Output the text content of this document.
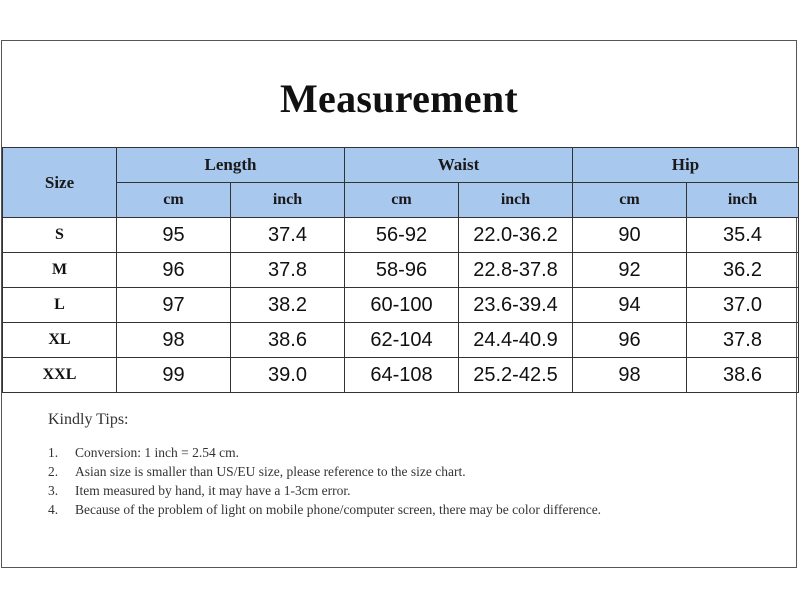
Measurement
Size	Length		Waist		Hip	
	cm	inch	cm	inch	cm	inch
S	95	37.4	56-92	22.0-36.2	90	35.4
M	96	37.8	58-96	22.8-37.8	92	36.2
L	97	38.2	60-100	23.6-39.4	94	37.0
XL	98	38.6	62-104	24.4-40.9	96	37.8
XXL	99	39.0	64-108	25.2-42.5	98	38.6
Kindly Tips:
1. Conversion: 1 inch = 2.54 cm.
2. Asian size is smaller than US/EU size, please reference to the size chart.
3. Item measured by hand, it may have a 1-3cm error.
4. Because of the problem of light on mobile phone/computer screen, there may be color difference.
